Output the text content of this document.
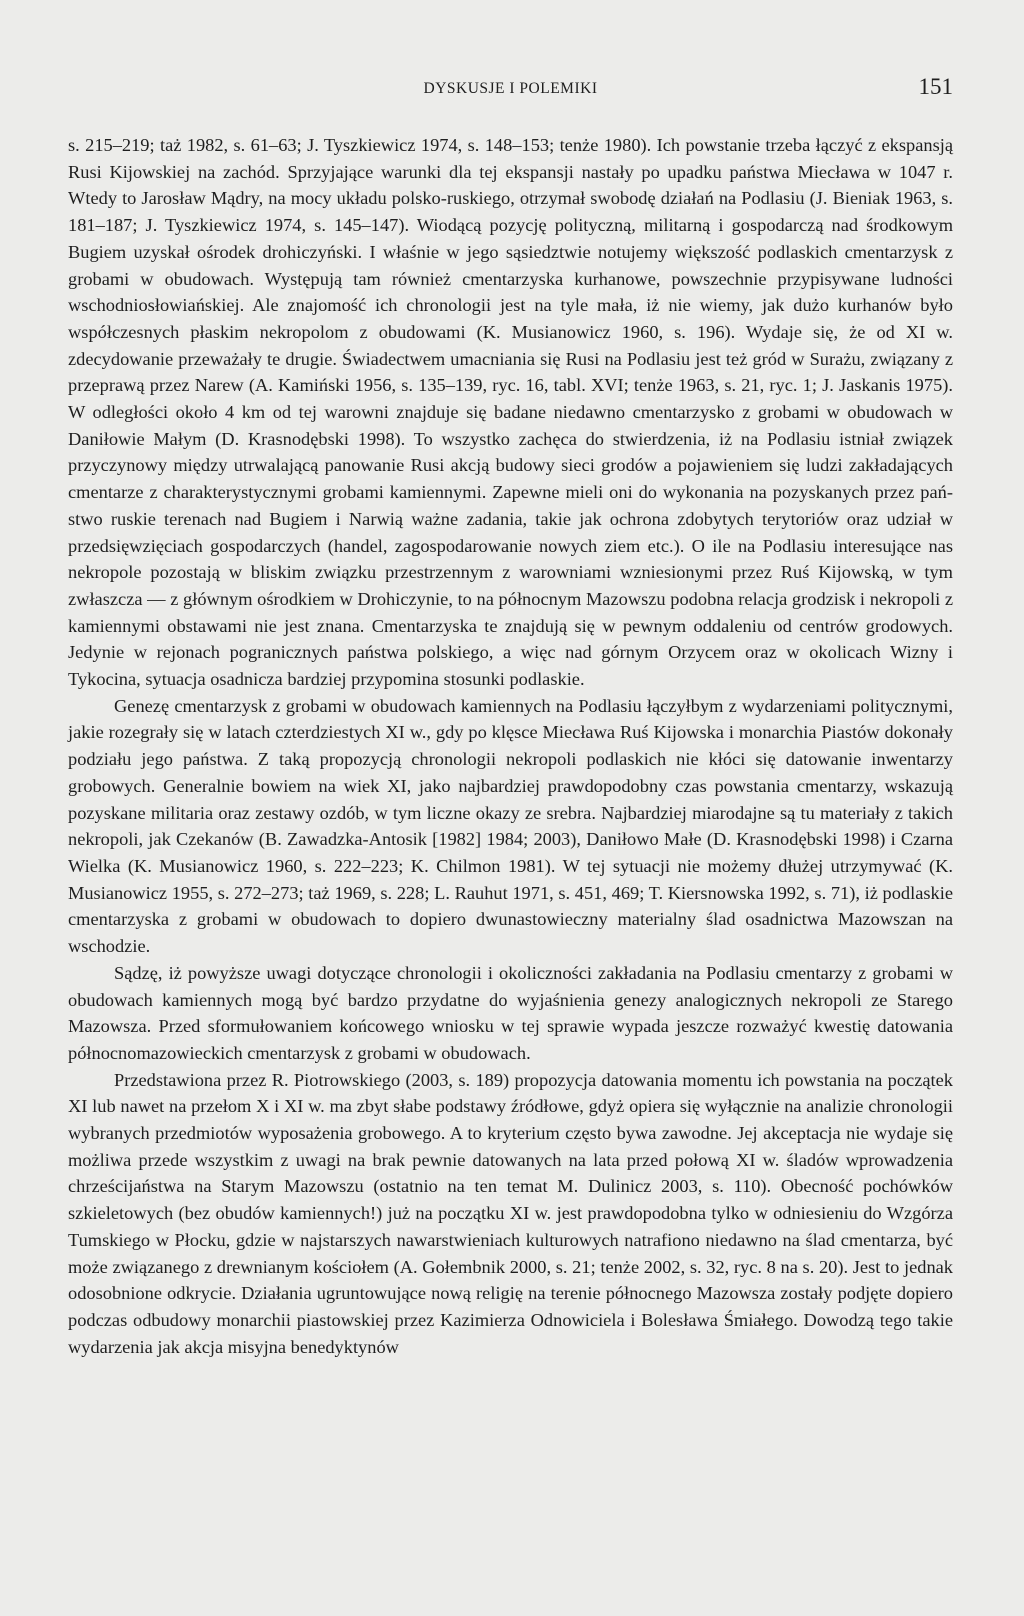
DYSKUSJE I POLEMIKI	151

s. 215–219; taż 1982, s. 61–63; J. Tyszkiewicz 1974, s. 148–153; tenże 1980). Ich powstanie trzeba łączyć z ekspansją Rusi Kijowskiej na zachód. Sprzyjające warunki dla tej ekspansji nastały po upadku państwa Miecława w 1047 r. Wtedy to Jarosław Mądry, na mocy układu polsko-ruskiego, otrzymał swobodę działań na Podlasiu (J. Bieniak 1963, s. 181–187; J. Tyszkiewicz 1974, s. 145–147). Wiodącą pozycję polityczną, militarną i gospodarczą nad środkowym Bugiem uzyskał ośrodek drohiczyński. I właśnie w jego sąsiedztwie notujemy większość podlaskich cmentarzysk z grobami w obudowach. Występują tam również cmentarzyska kurhanowe, powszechnie przypisywane ludności wschodniosłowiańskiej. Ale znajomość ich chronologii jest na tyle mała, iż nie wiemy, jak dużo kurhanów było współczesnych płaskim nekropolom z obudowami (K. Musianowicz 1960, s. 196). Wydaje się, że od XI w. zdecydowanie przeważały te drugie. Świadectwem umacniania się Rusi na Podlasiu jest też gród w Surażu, związany z przeprawą przez Narew (A. Kamiński 1956, s. 135–139, ryc. 16, tabl. XVI; tenże 1963, s. 21, ryc. 1; J. Jaskanis 1975). W odległości około 4 km od tej warowni znajduje się badane niedawno cmentarzysko z grobami w obudowach w Daniłowie Małym (D. Krasnodębski 1998). To wszystko zachęca do stwierdzenia, iż na Podlasiu istniał związek przyczynowy między utrwalającą panowanie Rusi akcją budowy sieci grodów a pojawieniem się ludzi zakładających cmentarze z charakterystycznymi grobami kamiennymi. Zapewne mieli oni do wykonania na pozyskanych przez państwo ruskie terenach nad Bugiem i Narwią ważne zadania, takie jak ochrona zdobytych terytoriów oraz udział w przedsięwzięciach gospodarczych (handel, zagospodarowanie nowych ziem etc.). O ile na Podlasiu interesujące nas nekropole pozostają w bliskim związku przestrzennym z warowniami wzniesionymi przez Ruś Kijowską, w tym zwłaszcza — z głównym ośrodkiem w Drohiczynie, to na północnym Mazowszu podobna relacja grodzisk i nekropoli z kamiennymi obstawami nie jest znana. Cmentarzyska te znajdują się w pewnym oddaleniu od centrów grodowych. Jedynie w rejonach pogranicznych państwa polskiego, a więc nad górnym Orzycem oraz w okolicach Wizny i Tykocina, sytuacja osadnicza bardziej przypomina stosunki podlaskie.

Genezę cmentarzysk z grobami w obudowach kamiennych na Podlasiu łączyłbym z wydarzeniami politycznymi, jakie rozegrały się w latach czterdziestych XI w., gdy po klęsce Miecława Ruś Kijowska i monarchia Piastów dokonały podziału jego państwa. Z taką propozycją chronologii nekropoli podlaskich nie kłóci się datowanie inwentarzy grobowych. Generalnie bowiem na wiek XI, jako najbardziej prawdopodobny czas powstania cmentarzy, wskazują pozyskane militaria oraz zestawy ozdób, w tym liczne okazy ze srebra. Najbardziej miarodajne są tu materiały z takich nekropoli, jak Czekanów (B. Zawadzka-Antosik [1982] 1984; 2003), Daniłowo Małe (D. Krasnodębski 1998) i Czarna Wielka (K. Musianowicz 1960, s. 222–223; K. Chilmon 1981). W tej sytuacji nie możemy dłużej utrzymywać (K. Musianowicz 1955, s. 272–273; taż 1969, s. 228; L. Rauhut 1971, s. 451, 469; T. Kiersnowska 1992, s. 71), iż podlaskie cmentarzyska z grobami w obudowach to dopiero dwunastowieczny materialny ślad osadnictwa Mazowszan na wschodzie.

Sądzę, iż powyższe uwagi dotyczące chronologii i okoliczności zakładania na Podlasiu cmentarzy z grobami w obudowach kamiennych mogą być bardzo przydatne do wyjaśnienia genezy analogicznych nekropoli ze Starego Mazowsza. Przed sformułowaniem końcowego wniosku w tej sprawie wypada jeszcze rozważyć kwestię datowania północnomazowieckich cmentarzysk z grobami w obudowach.

Przedstawiona przez R. Piotrowskiego (2003, s. 189) propozycja datowania momentu ich powstania na początek XI lub nawet na przełom X i XI w. ma zbyt słabe podstawy źródłowe, gdyż opiera się wyłącznie na analizie chronologii wybranych przedmiotów wyposażenia grobowego. A to kryterium często bywa zawodne. Jej akceptacja nie wydaje się możliwa przede wszystkim z uwagi na brak pewnie datowanych na lata przed połową XI w. śladów wprowadzenia chrześcijaństwa na Starym Mazowszu (ostatnio na ten temat M. Dulinicz 2003, s. 110). Obecność pochówków szkieletowych (bez obudów kamiennych!) już na początku XI w. jest prawdopodobna tylko w odniesieniu do Wzgórza Tumskiego w Płocku, gdzie w najstarszych nawarstwieniach kulturowych natrafiono niedawno na ślad cmentarza, być może związanego z drewnianym kościołem (A. Gołembnik 2000, s. 21; tenże 2002, s. 32, ryc. 8 na s. 20). Jest to jednak odosobnione odkrycie. Działania ugruntowujące nową religię na terenie północnego Mazowsza zostały podjęte dopiero podczas odbudowy monarchii piastowskiej przez Kazimierza Odnowiciela i Bolesława Śmiałego. Dowodzą tego takie wydarzenia jak akcja misyjna benedyktynów
